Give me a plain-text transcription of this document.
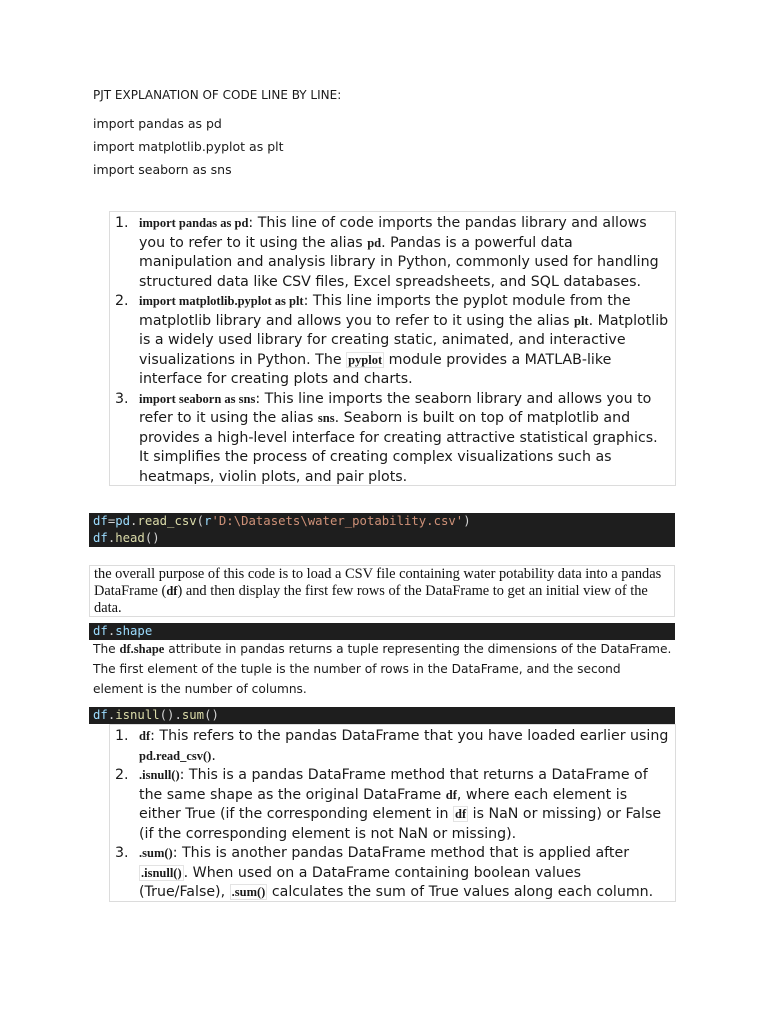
PJT EXPLANATION OF CODE LINE BY LINE:
import pandas as pd
import matplotlib.pyplot as plt
import seaborn as sns
1. import pandas as pd: This line of code imports the pandas library and allows you to refer to it using the alias pd. Pandas is a powerful data manipulation and analysis library in Python, commonly used for handling structured data like CSV files, Excel spreadsheets, and SQL databases.
2. import matplotlib.pyplot as plt: This line imports the pyplot module from the matplotlib library and allows you to refer to it using the alias plt. Matplotlib is a widely used library for creating static, animated, and interactive visualizations in Python. The pyplot module provides a MATLAB-like interface for creating plots and charts.
3. import seaborn as sns: This line imports the seaborn library and allows you to refer to it using the alias sns. Seaborn is built on top of matplotlib and provides a high-level interface for creating attractive statistical graphics. It simplifies the process of creating complex visualizations such as heatmaps, violin plots, and pair plots.
df=pd.read_csv(r'D:\Datasets\water_potability.csv')
df.head()
the overall purpose of this code is to load a CSV file containing water potability data into a pandas DataFrame (df) and then display the first few rows of the DataFrame to get an initial view of the data.
df.shape
The df.shape attribute in pandas returns a tuple representing the dimensions of the DataFrame. The first element of the tuple is the number of rows in the DataFrame, and the second element is the number of columns.
df.isnull().sum()
1. df: This refers to the pandas DataFrame that you have loaded earlier using pd.read_csv().
2. .isnull(): This is a pandas DataFrame method that returns a DataFrame of the same shape as the original DataFrame df, where each element is either True (if the corresponding element in df is NaN or missing) or False (if the corresponding element is not NaN or missing).
3. .sum(): This is another pandas DataFrame method that is applied after .isnull() . When used on a DataFrame containing boolean values (True/False), .sum() calculates the sum of True values along each column.
